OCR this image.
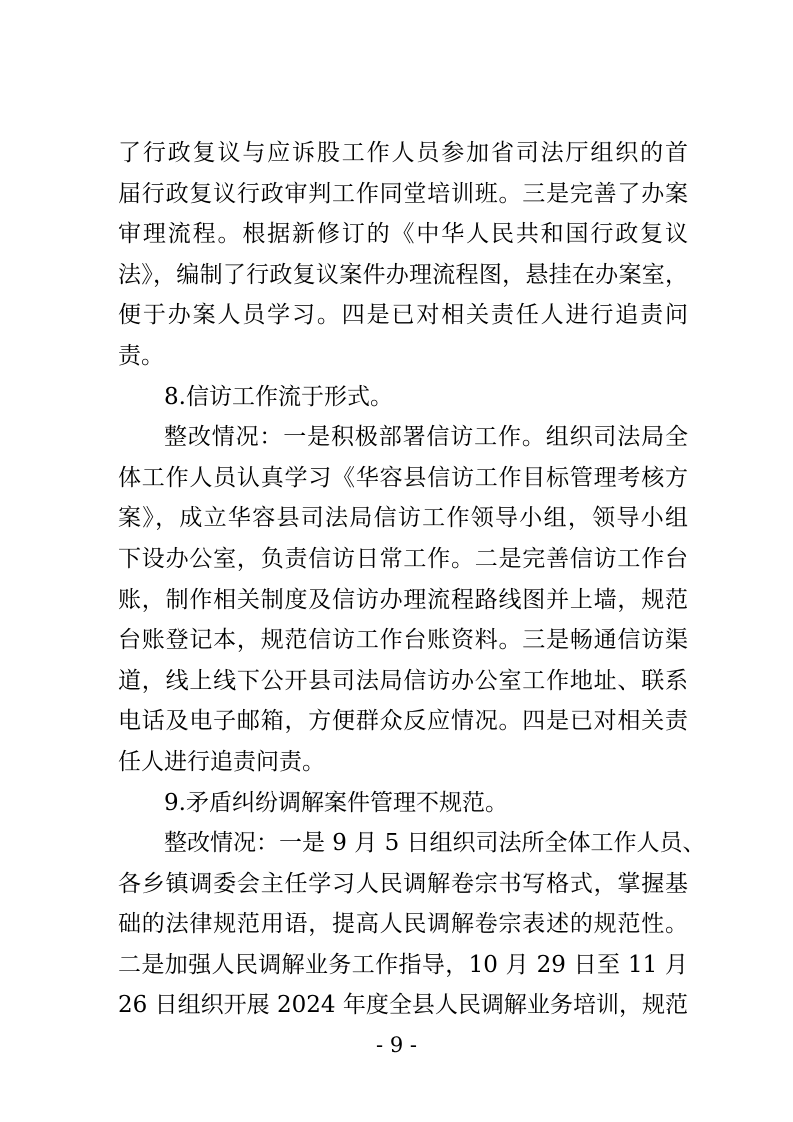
了行政复议与应诉股工作人员参加省司法厅组织的首
届行政复议行政审判工作同堂培训班。三是完善了办案
审理流程。根据新修订的《中华人民共和国行政复议
法》，编制了行政复议案件办理流程图，悬挂在办案室，
便于办案人员学习。四是已对相关责任人进行追责问
责。
8.信访工作流于形式。
整改情况：一是积极部署信访工作。组织司法局全
体工作人员认真学习《华容县信访工作目标管理考核方
案》，成立华容县司法局信访工作领导小组，领导小组
下设办公室，负责信访日常工作。二是完善信访工作台
账，制作相关制度及信访办理流程路线图并上墙，规范
台账登记本，规范信访工作台账资料。三是畅通信访渠
道，线上线下公开县司法局信访办公室工作地址、联系
电话及电子邮箱，方便群众反应情况。四是已对相关责
任人进行追责问责。
9.矛盾纠纷调解案件管理不规范。
整改情况：一是 9 月 5 日组织司法所全体工作人员、
各乡镇调委会主任学习人民调解卷宗书写格式，掌握基
础的法律规范用语，提高人民调解卷宗表述的规范性。
二是加强人民调解业务工作指导，10 月 29 日至 11 月
26 日组织开展 2024 年度全县人民调解业务培训，规范
- 9 -
